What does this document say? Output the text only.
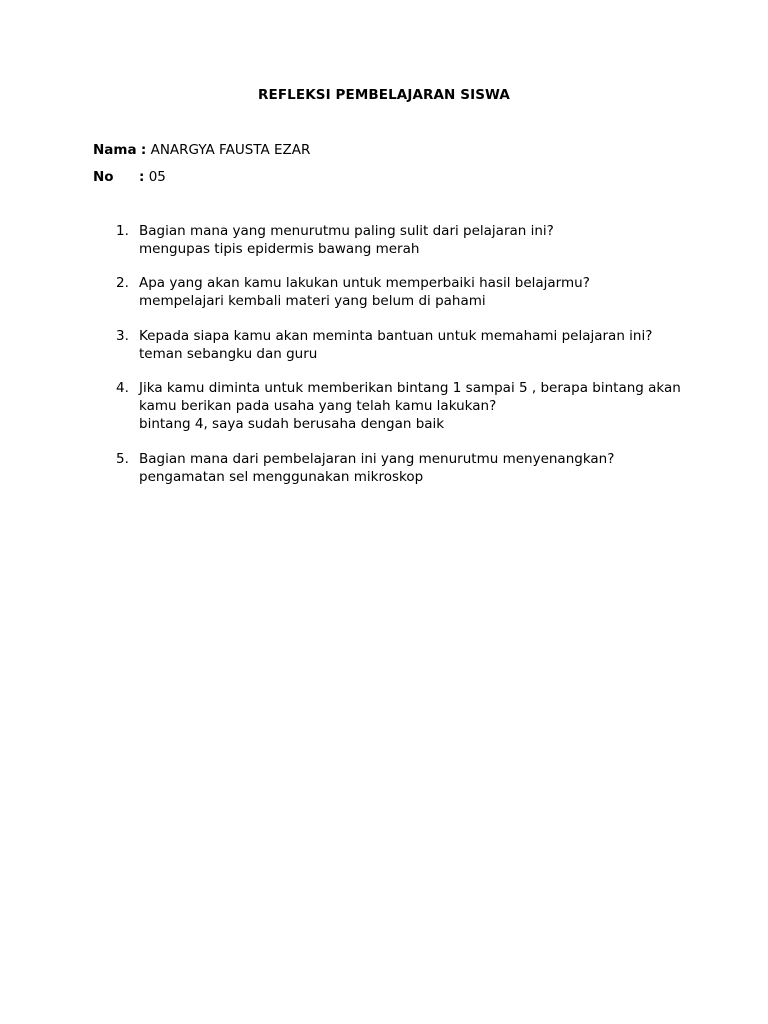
REFLEKSI PEMBELAJARAN SISWA
Nama : ANARGYA FAUSTA EZAR
No : 05
1. Bagian mana yang menurutmu paling sulit dari pelajaran ini?
mengupas tipis epidermis bawang merah
2. Apa yang akan kamu lakukan untuk memperbaiki hasil belajarmu?
mempelajari kembali materi yang belum di pahami
3. Kepada siapa kamu akan meminta bantuan untuk memahami pelajaran ini?
teman sebangku dan guru
4. Jika kamu diminta untuk memberikan bintang 1 sampai 5 , berapa bintang akan
kamu berikan pada usaha yang telah kamu lakukan?
bintang 4, saya sudah berusaha dengan baik
5. Bagian mana dari pembelajaran ini yang menurutmu menyenangkan?
pengamatan sel menggunakan mikroskop
